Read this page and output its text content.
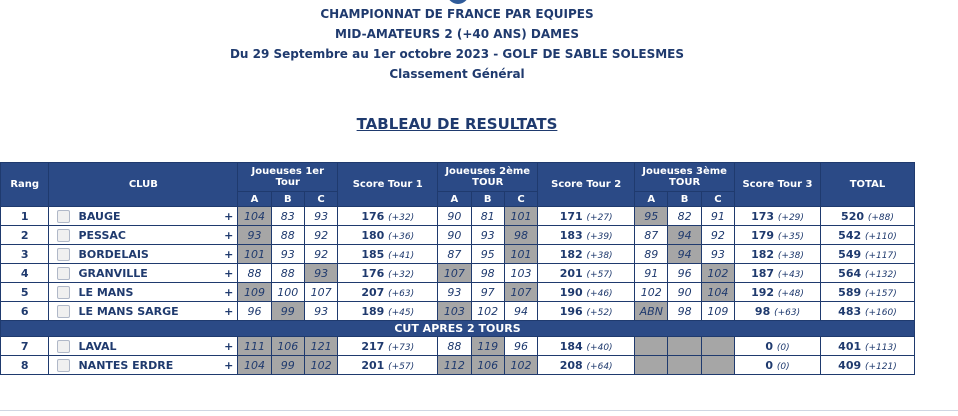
CHAMPIONNAT DE FRANCE PAR EQUIPES
MID-AMATEURS 2 (+40 ANS) DAMES
Du 29 Septembre au 1er octobre 2023 - GOLF DE SABLE SOLESMES
Classement Général
TABLEAU DE RESULTATS
Rang	CLUB	Joueuses 1er Tour			Score Tour 1	Joueuses 2ème TOUR			Score Tour 2	Joueuses 3ème TOUR			Score Tour 3	TOTAL
		A	B	C		A	B	C		A	B	C		
1	BAUGE +	104	83	93	176 (+32)	90	81	101	171 (+27)	95	82	91	173 (+29)	520 (+88)
2	PESSAC +	93	88	92	180 (+36)	90	93	98	183 (+39)	87	94	92	179 (+35)	542 (+110)
3	BORDELAIS +	101	93	92	185 (+41)	87	95	101	182 (+38)	89	94	93	182 (+38)	549 (+117)
4	GRANVILLE +	88	88	93	176 (+32)	107	98	103	201 (+57)	91	96	102	187 (+43)	564 (+132)
5	LE MANS +	109	100	107	207 (+63)	93	97	107	190 (+46)	102	90	104	192 (+48)	589 (+157)
6	LE MANS SARGE +	96	99	93	189 (+45)	103	102	94	196 (+52)	ABN	98	109	98 (+63)	483 (+160)
CUT APRES 2 TOURS														
7	LAVAL +	111	106	121	217 (+73)	88	119	96	184 (+40)				0 (0)	401 (+113)
8	NANTES ERDRE +	104	99	102	201 (+57)	112	106	102	208 (+64)				0 (0)	409 (+121)
